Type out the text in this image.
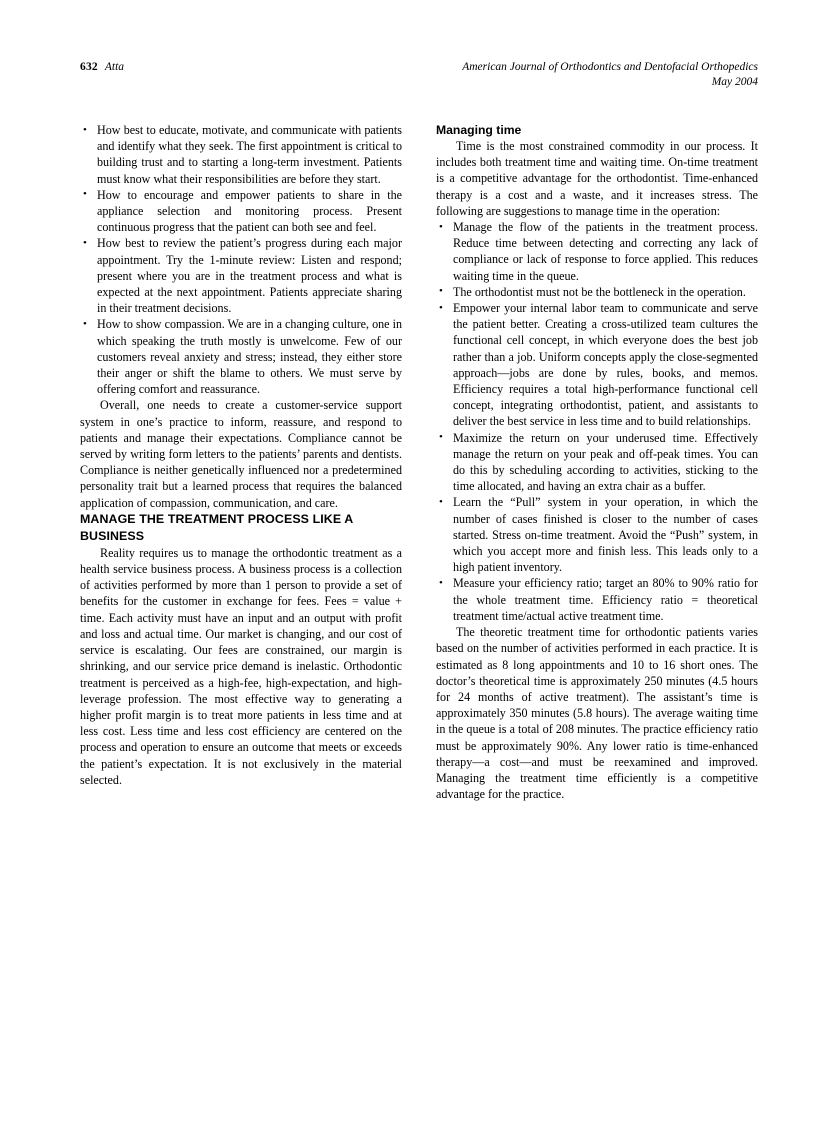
632 Atta	American Journal of Orthodontics and Dentofacial Orthopedics
May 2004
• How best to educate, motivate, and communicate with patients and identify what they seek. The first appointment is critical to building trust and to starting a long-term investment. Patients must know what their responsibilities are before they start.
• How to encourage and empower patients to share in the appliance selection and monitoring process. Present continuous progress that the patient can both see and feel.
• How best to review the patient’s progress during each major appointment. Try the 1-minute review: Listen and respond; present where you are in the treatment process and what is expected at the next appointment. Patients appreciate sharing in their treatment decisions.
• How to show compassion. We are in a changing culture, one in which speaking the truth mostly is unwelcome. Few of our customers reveal anxiety and stress; instead, they either store their anger or shift the blame to others. We must serve by offering comfort and reassurance.

Overall, one needs to create a customer-service support system in one’s practice to inform, reassure, and respond to patients and manage their expectations. Compliance cannot be served by writing form letters to the patients’ parents and dentists. Compliance is neither genetically influenced nor a predetermined personality trait but a learned process that requires the balanced application of compassion, communication, and care.

MANAGE THE TREATMENT PROCESS LIKE A BUSINESS

Reality requires us to manage the orthodontic treatment as a health service business process. A business process is a collection of activities performed by more than 1 person to provide a set of benefits for the customer in exchange for fees. Fees = value + time. Each activity must have an input and an output with profit and loss and actual time. Our market is changing, and our cost of service is escalating. Our fees are constrained, our margin is shrinking, and our service price demand is inelastic. Orthodontic treatment is perceived as a high-fee, high-expectation, and high-leverage profession. The most effective way to generating a higher profit margin is to treat more patients in less time and at less cost. Less time and less cost efficiency are centered on the process and operation to ensure an outcome that meets or exceeds the patient’s expectation. It is not exclusively in the material selected.

Managing time

Time is the most constrained commodity in our process. It includes both treatment time and waiting time. On-time treatment is a competitive advantage for the orthodontist. Time-enhanced therapy is a cost and a waste, and it increases stress. The following are suggestions to manage time in the operation:

• Manage the flow of the patients in the treatment process. Reduce time between detecting and correcting any lack of compliance or lack of response to force applied. This reduces waiting time in the queue.
• The orthodontist must not be the bottleneck in the operation.
• Empower your internal labor team to communicate and serve the patient better. Creating a cross-utilized team cultures the functional cell concept, in which everyone does the best job rather than a job. Uniform concepts apply the close-segmented approach—jobs are done by rules, books, and memos. Efficiency requires a total high-performance functional cell concept, integrating orthodontist, patient, and assistants to deliver the best service in less time and to build relationships.
• Maximize the return on your underused time. Effectively manage the return on your peak and off-peak times. You can do this by scheduling according to activities, sticking to the time allocated, and having an extra chair as a buffer.
• Learn the “Pull” system in your operation, in which the number of cases finished is closer to the number of cases started. Stress on-time treatment. Avoid the “Push” system, in which you accept more and finish less. This leads only to a high patient inventory.
• Measure your efficiency ratio; target an 80% to 90% ratio for the whole treatment time. Efficiency ratio = theoretical treatment time/actual active treatment time.

The theoretic treatment time for orthodontic patients varies based on the number of activities performed in each practice. It is estimated as 8 long appointments and 10 to 16 short ones. The doctor’s theoretical time is approximately 250 minutes (4.5 hours for 24 months of active treatment). The assistant’s time is approximately 350 minutes (5.8 hours). The average waiting time in the queue is a total of 208 minutes. The practice efficiency ratio must be approximately 90%. Any lower ratio is time-enhanced therapy—a cost—and must be reexamined and improved. Managing the treatment time efficiently is a competitive advantage for the practice.
